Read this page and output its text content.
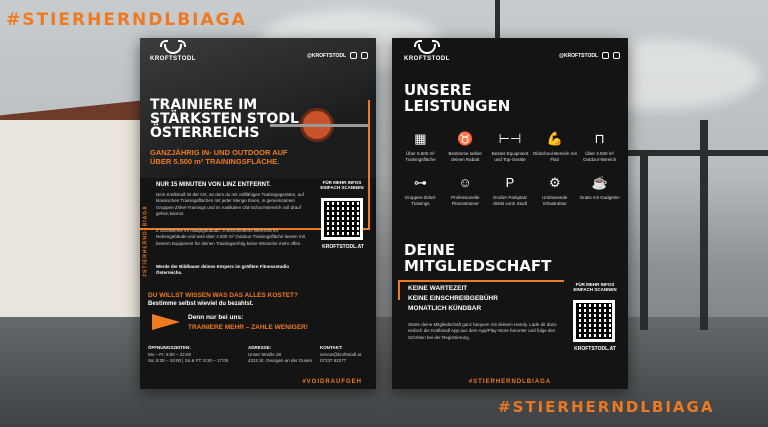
#STIERHERNDLBIAGA
#STIERHERNDLBIAGA
KROFTSTODL
@KROFTSTODL
TRAINIERE IM
STÄRKSTEN STODL
ÖSTERREICHS
GANZJÄHRIG IN- UND OUTDOOR AUF
ÜBER 5.500 m² TRAININGSFLÄCHE.
#STIERHERNDLBIAGA
NUR 15 MINUTEN VON LINZ ENTFERNT.
Dein Kraftstodl ist der Ort, an dem du mit vollfähigen Trainingsgeräten, auf klassischen Trainingsflächen mit jeder Menge Eisen, in gemeinsamen Gruppen-Zirkel-Trainings und im rustikalen Old-School-Bereich voll drauf gehen kannst.
2 Stockwerke im Hauptgebäude, 3 verschiedene Bereiche im Nebengebäude und weit über 4.500 m² Outdoor-Trainingsfläche lassen mit bestem Equipment für deinen Trainingserfolg keine Wünsche mehr offen.
Werde der Bildhauer deines Körpers im größten Fitnessstudio Österreichs.
FÜR MEHR INFOS EINFACH SCANNEN
KROFTSTODL.AT
DU WILLST WISSEN WAS DAS ALLES KOSTET?
Bestimme selbst wieviel du bezahlst.
Denn nur bei uns:
TRAINIERE MEHR – ZAHLE WENIGER!
ÖFFNUNGSZEITEN:
Mo – Fr: 6:00 – 22:00
Sa: 8:30 – 19:00 | So & FT: 8:30 – 17:00
ADRESSE:
Unser Straße 28
4222 St. Georgen an der Gusen
KONTAKT:
servus@kroftstodl.at
07237 62277
#VOIDRAUFGEH
KROFTSTODL
@KROFTSTODL
UNSERE
LEISTUNGEN
▦
Über 5.500 m² Trainingsfläche
♉
Bestimme selber deinen Rabatt
⊢⊣
Bestes Equipment und Top-Geräte
💪
Oldschool-Bereich mit Flair
⊓
Über 4.500 m² Outdoor-Bereich
⊶
Gruppen-Zirkel-Trainings
☺
Professionelle Fitnesstrainer
P
Großer Parkplatz direkt vorm Stodl
⚙
Umfassende Infrastruktur
☕
Gratis mit Gadgetsn
DEINE
MITGLIEDSCHAFT
KEINE WARTEZEIT
KEINE EINSCHREIBGEBÜHR
MONATLICH KÜNDBAR
Starte deine Mitgliedschaft ganz bequem mit deinem Handy. Lade dir dazu einfach die Kraftstodl App aus dem App/Play-Store herunter und folge den Schritten bei der Registrierung.
FÜR MEHR INFOS EINFACH SCANNEN
KROFTSTODL.AT
#STIERHERNDLBIAGA
